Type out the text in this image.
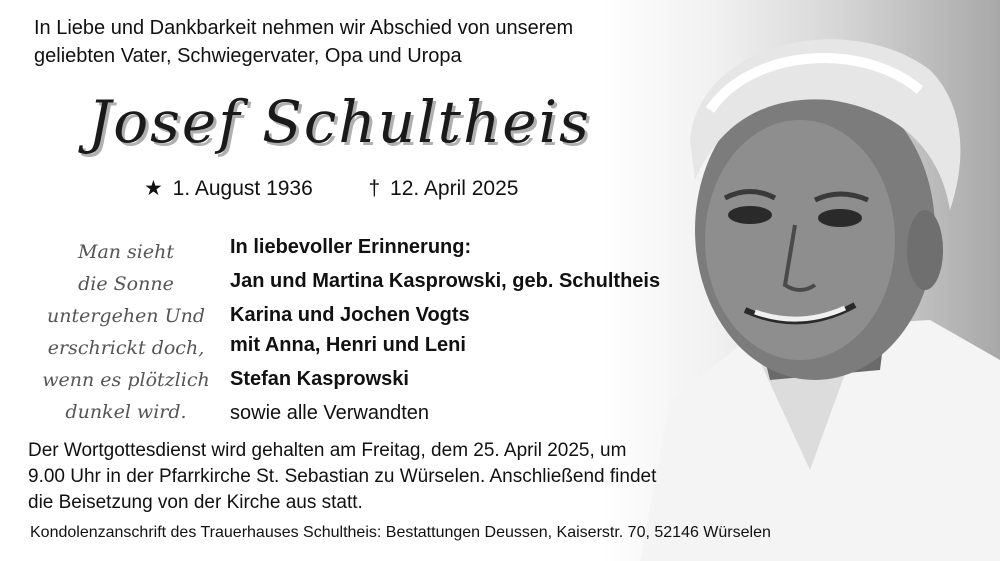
In Liebe und Dankbarkeit nehmen wir Abschied von unserem
geliebten Vater, Schwiegervater, Opa und Uropa
Josef Schultheis
★ 1. August 1936	† 12. April 2025
Man sieht
die Sonne
untergehen Und
erschrickt doch,
wenn es plötzlich
dunkel wird.
In liebevoller Erinnerung:
Jan und Martina Kasprowski, geb. Schultheis
Karina und Jochen Vogts
mit Anna, Henri und Leni
Stefan Kasprowski
sowie alle Verwandten
Der Wortgottesdienst wird gehalten am Freitag, dem 25. April 2025, um
9.00 Uhr in der Pfarrkirche St. Sebastian zu Würselen. Anschließend findet
die Beisetzung von der Kirche aus statt.
Kondolenzanschrift des Trauerhauses Schultheis: Bestattungen Deussen, Kaiserstr. 70, 52146 Würselen
